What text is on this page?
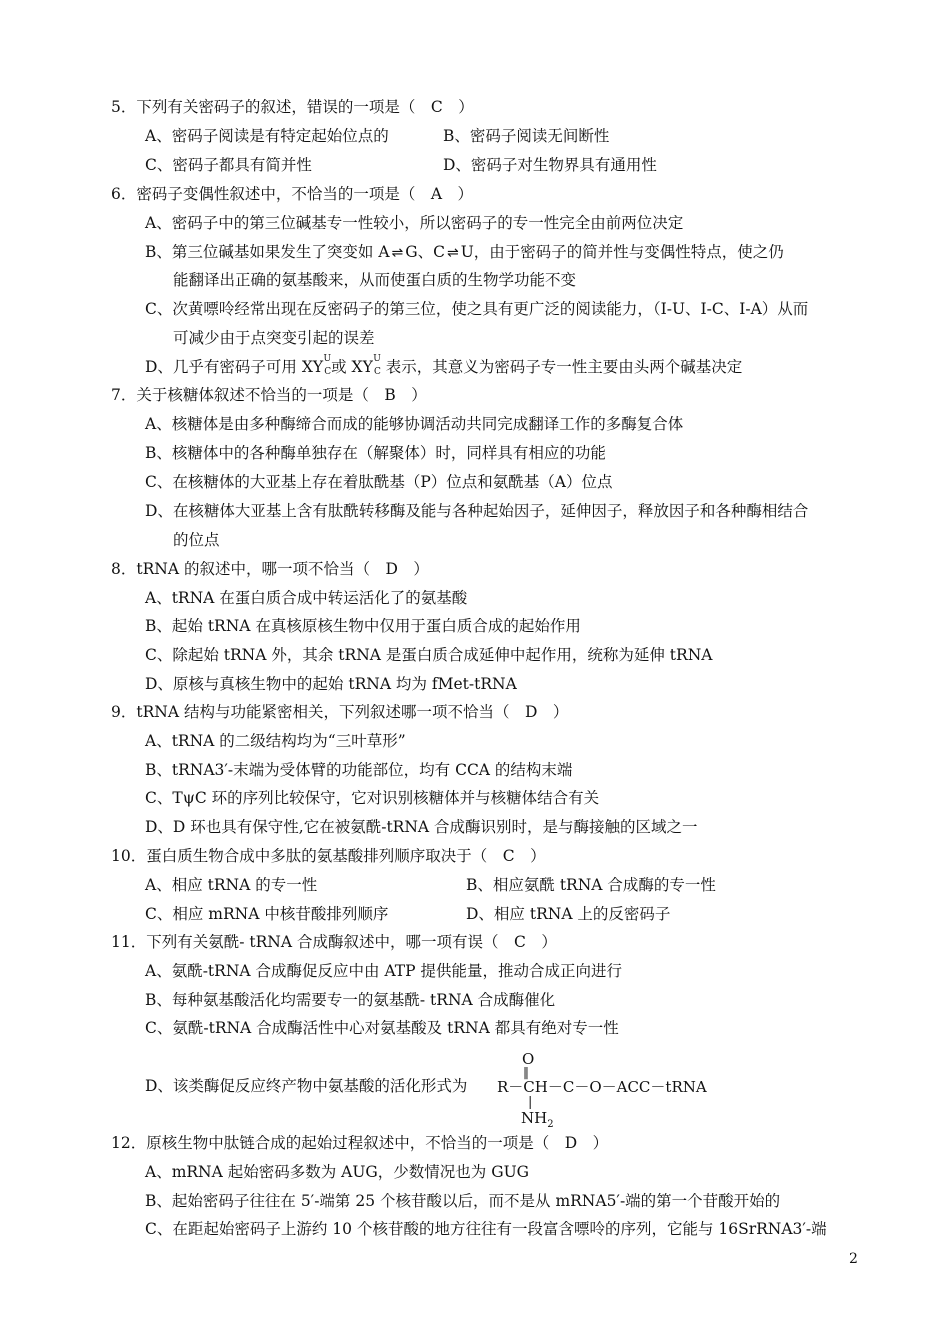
5．下列有关密码子的叙述，错误的一项是（　C　）
A、密码子阅读是有特定起始位点的	B、密码子阅读无间断性
C、密码子都具有简并性	D、密码子对生物界具有通用性
6．密码子变偶性叙述中，不恰当的一项是（　A　）
A、密码子中的第三位碱基专一性较小，所以密码子的专一性完全由前两位决定
B、第三位碱基如果发生了突变如 A ⇌ G、C ⇌ U，由于密码子的简并性与变偶性特点，使之仍
能翻译出正确的氨基酸来，从而使蛋白质的生物学功能不变
C、次黄嘌呤经常出现在反密码子的第三位，使之具有更广泛的阅读能力，（I-U、I-C、I-A）从而
可减少由于点突变引起的误差
D、几乎有密码子可用 XY U
C 或 XY U
C 表示，其意义为密码子专一性主要由头两个碱基决定
7．关于核糖体叙述不恰当的一项是（　B　）
A、核糖体是由多种酶缔合而成的能够协调活动共同完成翻译工作的多酶复合体
B、核糖体中的各种酶单独存在（解聚体）时，同样具有相应的功能
C、在核糖体的大亚基上存在着肽酰基（P）位点和氨酰基（A）位点
D、在核糖体大亚基上含有肽酰转移酶及能与各种起始因子，延伸因子，释放因子和各种酶相结合
的位点
8．tRNA 的叙述中，哪一项不恰当（　D　）
A、tRNA 在蛋白质合成中转运活化了的氨基酸
B、起始 tRNA 在真核原核生物中仅用于蛋白质合成的起始作用
C、除起始 tRNA 外，其余 tRNA 是蛋白质合成延伸中起作用，统称为延伸 tRNA
D、原核与真核生物中的起始 tRNA 均为 fMet-tRNA
9．tRNA 结构与功能紧密相关，下列叙述哪一项不恰当（　D　）
A、tRNA 的二级结构均为“三叶草形”
B、tRNA3′-末端为受体臂的功能部位，均有 CCA 的结构末端
C、TψC 环的序列比较保守，它对识别核糖体并与核糖体结合有关
D、D 环也具有保守性,它在被氨酰-tRNA 合成酶识别时，是与酶接触的区域之一
10．蛋白质生物合成中多肽的氨基酸排列顺序取决于（　C　）
A、相应 tRNA 的专一性	B、相应氨酰 tRNA 合成酶的专一性
C、相应 mRNA 中核苷酸排列顺序	D、相应 tRNA 上的反密码子
11．下列有关氨酰- tRNA 合成酶叙述中，哪一项有误（　C　）
A、氨酰-tRNA 合成酶促反应中由 ATP 提供能量，推动合成正向进行
B、每种氨基酸活化均需要专一的氨基酰- tRNA 合成酶催化
C、氨酰-tRNA 合成酶活性中心对氨基酸及 tRNA 都具有绝对专一性
D、该类酶促反应终产物中氨基酸的活化形式为
O
‖
R－CH－C－O－ACC－tRNA
|
$NH_2$
12．原核生物中肽链合成的起始过程叙述中，不恰当的一项是（　D　）
A、mRNA 起始密码多数为 AUG，少数情况也为 GUG
B、起始密码子往往在 5′-端第 25 个核苷酸以后，而不是从 mRNA5′-端的第一个苷酸开始的
C、在距起始密码子上游约 10 个核苷酸的地方往往有一段富含嘌呤的序列，它能与 16SrRNA3′-端
2
